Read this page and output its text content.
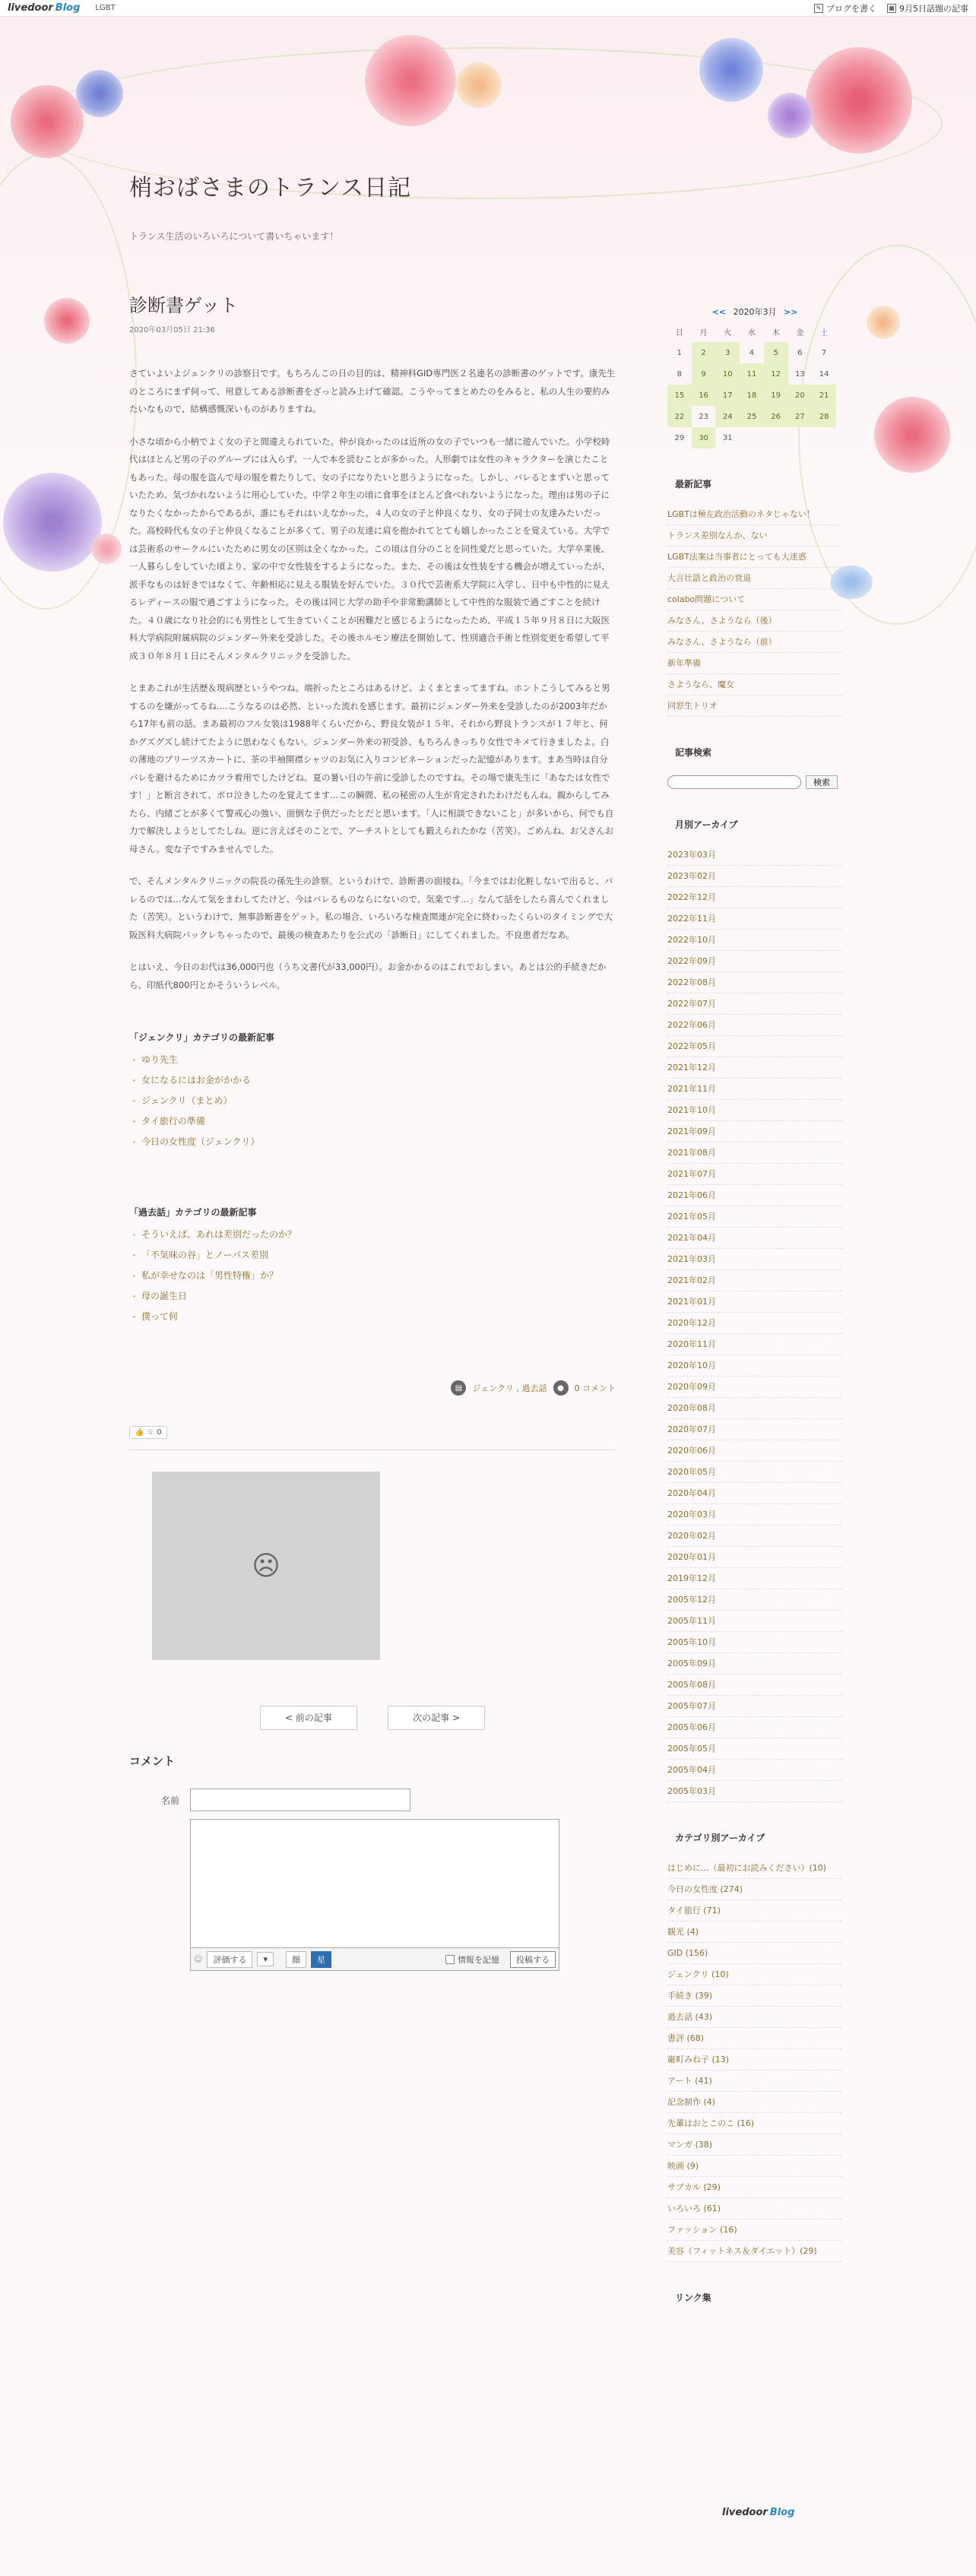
livedoor Blog LGBT	✎ ブログを書く ▦ 9月5日話題の記事
梢おばさまのトランス日記

トランス生活のいろいろについて書いちゃいます！

診断書ゲット
2020年03月05日 21:36

さていよいよジェンクリの診察日です。もちろんこの日の目的は、精神科GID専門医２名連名の診断書のゲットです。康先生のところにまず伺って、用意してある診断書をざっと読み上げて確認。こうやってまとめたのをみると、私の人生の要約みたいなもので、結構感慨深いものがありますね。

小さな頃から小柄でよく女の子と間違えられていた。仲が良かったのは近所の女の子でいつも一緒に遊んでいた。小学校時代はほとんど男の子のグループには入らず、一人で本を読むことが多かった。人形劇では女性のキャラクターを演じたこともあった。母の服を盗んで母の服を着たりして、女の子になりたいと思うようになった。しかし、バレるとまずいと思っていたため、気づかれないように用心していた。中学２年生の頃に食事をほとんど食べれないようになった。理由は男の子になりたくなかったからであるが、誰にもそれはいえなかった。４人の女の子と仲良くなり、女の子同士の友達みたいだった。高校時代も女の子と仲良くなることが多くて、男子の友達に肩を抱かれてとても嬉しかったことを覚えている。大学では芸術系のサークルにいたために男女の区別は全くなかった。この頃は自分のことを同性愛だと思っていた。大学卒業後、一人暮らしをしていた頃より、家の中で女性装をするようになった。また、その後は女性装をする機会が増えていったが、派手なものは好きではなくて、年齢相応に見える服装を好んでいた。３０代で芸術系大学院に入学し、日中も中性的に見えるレディースの服で過ごすようになった。その後は同じ大学の助手や非常勤講師として中性的な服装で過ごすことを続けた。４０歳になり社会的にも男性として生きていくことが困難だと感じるようになったため、平成１５年９月８日に大阪医科大学病院附属病院のジェンダー外来を受診した。その後ホルモン療法を開始して、性別適合手術と性別変更を希望して平成３０年８月１日にそんメンタルクリニックを受診した。

とまあこれが生活歴＆現病歴というやつね。端折ったところはあるけど、よくまとまってますね。ホントこうしてみると男するのを嫌がってるね....こうなるのは必然、といった流れを感じます。最初にジェンダー外来を受診したのが2003年だから17年も前の話。まあ最初のフル女装は1988年くらいだから、野良女装が１５年、それから野良トランスが１７年と、何かグズグズし続けてたように思わなくもない。ジェンダー外来の初受診、もちろんきっちり女性でキメて行きましたよ。白の薄地のプリーツスカートに、茶の半袖開襟シャツのお気に入りコンビネーションだった記憶があります。まあ当時は自分バレを避けるためにカツラ着用でしたけどね。夏の暑い日の午前に受診したのですね。その場で康先生に「あなたは女性です！」と断言されて、ボロ泣きしたのを覚えてます...この瞬間、私の秘密の人生が肯定されたわけだもんね。親からしてみたら、内緒ごとが多くて警戒心の強い、面倒な子供だったとだと思います。「人に相談できないこと」が多いから、何でも自力で解決しようとしてたしね。逆に言えばそのことで、アーチストとしても鍛えられたかな（苦笑）。ごめんね、お父さんお母さん。変な子ですみませんでした。

で、そんメンタルクリニックの院長の孫先生の診察。というわけで、診断書の面接ね。「今まではお化粧しないで出ると、バレるのでは...なんて気をまわしてたけど、今はバレるものならにないので、気楽です...」なんて話をしたら喜んでくれました（苦笑）。というわけで、無事診断書をゲット。私の場合、いろいろな検査関連が完全に終わったくらいのタイミングで大阪医科大病院パックレちゃったので、最後の検査あたりを公式の「診断日」にしてくれました。不良患者だなあ。

とはいえ、今日のお代は36,000円也（うち文書代が33,000円）。お金かかるのはこれでおしまい。あとは公的手続きだから、印紙代800円とかそういうレベル。

「ジェンクリ」カテゴリの最新記事
· ゆり先生
· 女になるにはお金がかかる
· ジェンクリ（まとめ）
· タイ旅行の準備
· 今日の女性度（ジェンクリ）
「過去話」カテゴリの最新記事
· そういえば、あれは差別だったのか？
· 「不気味の谷」とノーパス差別
· 私が幸せなのは「男性特権」か？
· 母の誕生日
· 僕って何
▤	ジェンクリ , 過去話	●	0 コメント
👍 ☆ 0
☹
< 前の記事	次の記事 >
コメント
名前
☺	評価する	▾	顔	星	情報を記憶	投稿する
<< 2020年3月 >>
日	月	火	水	木	金	土
1	2	3	4	5	6	7
8	9	10	11	12	13	14
15	16	17	18	19	20	21
22	23	24	25	26	27	28
29	30	31				
最新記事
LGBTは極左政治活動のネタじゃない！
トランス差別なんか、ない
LGBT法案は当事者にとっても大迷惑
大言壮語と政治の衰退
colabo問題について
みなさん、さようなら（後）
みなさん、さようなら（前）
新年準備
さようなら、魔女
同窓生トリオ
記事検索
検索
月別アーカイブ
2023年03月
2023年02月
2022年12月
2022年11月
2022年10月
2022年09月
2022年08月
2022年07月
2022年06月
2022年05月
2021年12月
2021年11月
2021年10月
2021年09月
2021年08月
2021年07月
2021年06月
2021年05月
2021年04月
2021年03月
2021年02月
2021年01月
2020年12月
2020年11月
2020年10月
2020年09月
2020年08月
2020年07月
2020年06月
2020年05月
2020年04月
2020年03月
2020年02月
2020年01月
2019年12月
2005年12月
2005年11月
2005年10月
2005年09月
2005年08月
2005年07月
2005年06月
2005年05月
2005年04月
2005年03月
カテゴリ別アーカイブ
はじめに...（最初にお読みください）(10)
今日の女性度 (274)
タイ旅行 (71)
観光 (4)
GID (156)
ジェンクリ (10)
手続き (39)
過去話 (43)
書評 (68)
巌町みね子 (13)
アート (41)
記念制作 (4)
先輩はおとこのこ (16)
マンガ (38)
映画 (9)
サブカル (29)
いろいろ (61)
ファッション (16)
美容（フィットネス＆ダイエット）(29)
リンク集
livedoor Blog
